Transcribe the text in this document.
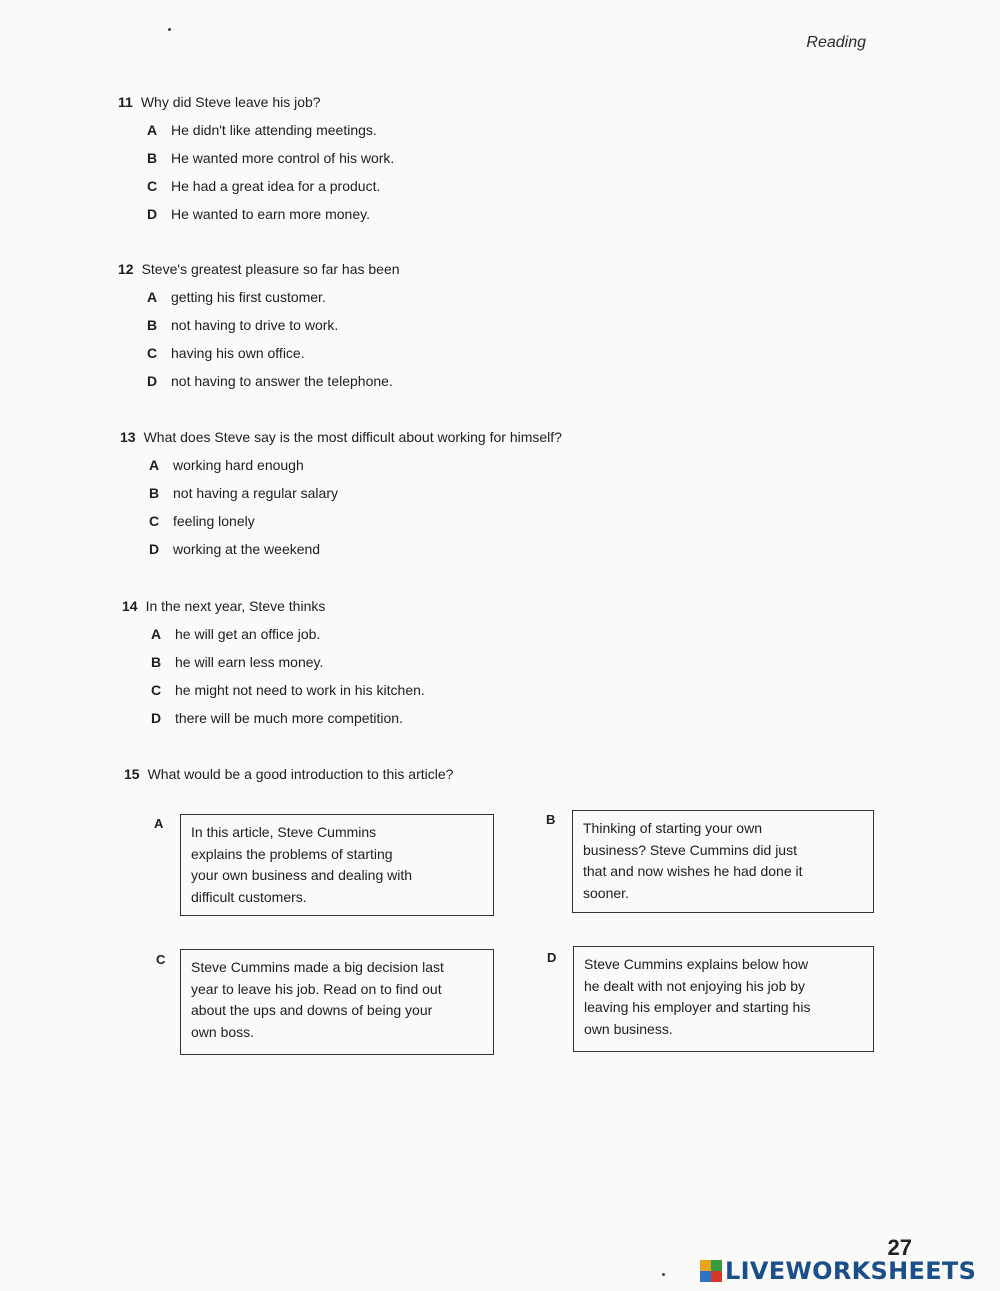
Reading
11 Why did Steve leave his job?
A He didn't like attending meetings.
B He wanted more control of his work.
C He had a great idea for a product.
D He wanted to earn more money.
12 Steve's greatest pleasure so far has been
A getting his first customer.
B not having to drive to work.
C having his own office.
D not having to answer the telephone.
13 What does Steve say is the most difficult about working for himself?
A working hard enough
B not having a regular salary
C feeling lonely
D working at the weekend
14 In the next year, Steve thinks
A he will get an office job.
B he will earn less money.
C he might not need to work in his kitchen.
D there will be much more competition.
15 What would be a good introduction to this article?
A
In this article, Steve Cummins
explains the problems of starting
your own business and dealing with
difficult customers.
B
Thinking of starting your own
business? Steve Cummins did just
that and now wishes he had done it
sooner.
C Steve Cummins made a big decision last
year to leave his job. Read on to find out
about the ups and downs of being your
own boss.
D Steve Cummins explains below how
he dealt with not enjoying his job by
leaving his employer and starting his
own business.
27
LIVEWORKSHEETS
